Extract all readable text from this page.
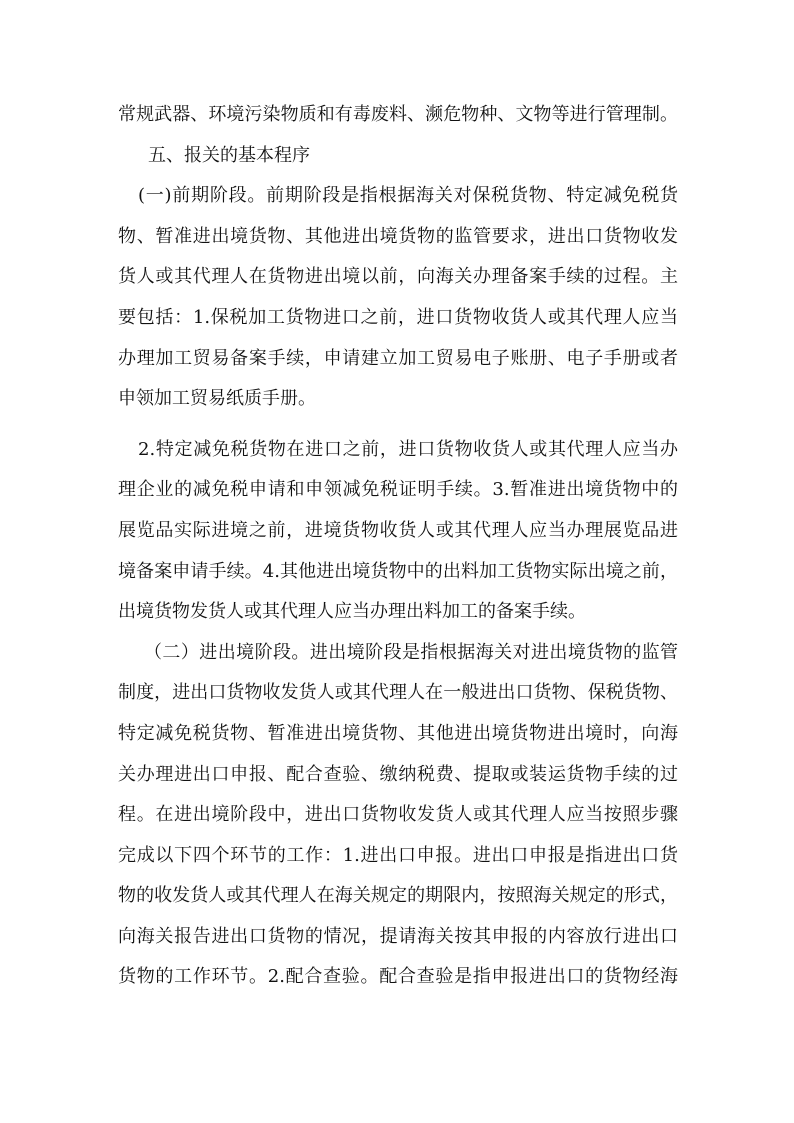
常规武器、环境污染物质和有毒废料、濒危物种、文物等进行管理制。
五、报关的基本程序
(一)前期阶段。前期阶段是指根据海关对保税货物、特定减免税货
物、暂准进出境货物、其他进出境货物的监管要求，进出口货物收发
货人或其代理人在货物进出境以前，向海关办理备案手续的过程。主
要包括：1.保税加工货物进口之前，进口货物收货人或其代理人应当
办理加工贸易备案手续，申请建立加工贸易电子账册、电子手册或者
申领加工贸易纸质手册。
2.特定减免税货物在进口之前，进口货物收货人或其代理人应当办
理企业的减免税申请和申领减免税证明手续。3.暂准进出境货物中的
展览品实际进境之前，进境货物收货人或其代理人应当办理展览品进
境备案申请手续。4.其他进出境货物中的出料加工货物实际出境之前，
出境货物发货人或其代理人应当办理出料加工的备案手续。
（二）进出境阶段。进出境阶段是指根据海关对进出境货物的监管
制度，进出口货物收发货人或其代理人在一般进出口货物、保税货物、
特定减免税货物、暂准进出境货物、其他进出境货物进出境时，向海
关办理进出口申报、配合查验、缴纳税费、提取或装运货物手续的过
程。在进出境阶段中，进出口货物收发货人或其代理人应当按照步骤
完成以下四个环节的工作：1.进出口申报。进出口申报是指进出口货
物的收发货人或其代理人在海关规定的期限内，按照海关规定的形式，
向海关报告进出口货物的情况，提请海关按其申报的内容放行进出口
货物的工作环节。2.配合查验。配合查验是指申报进出口的货物经海
